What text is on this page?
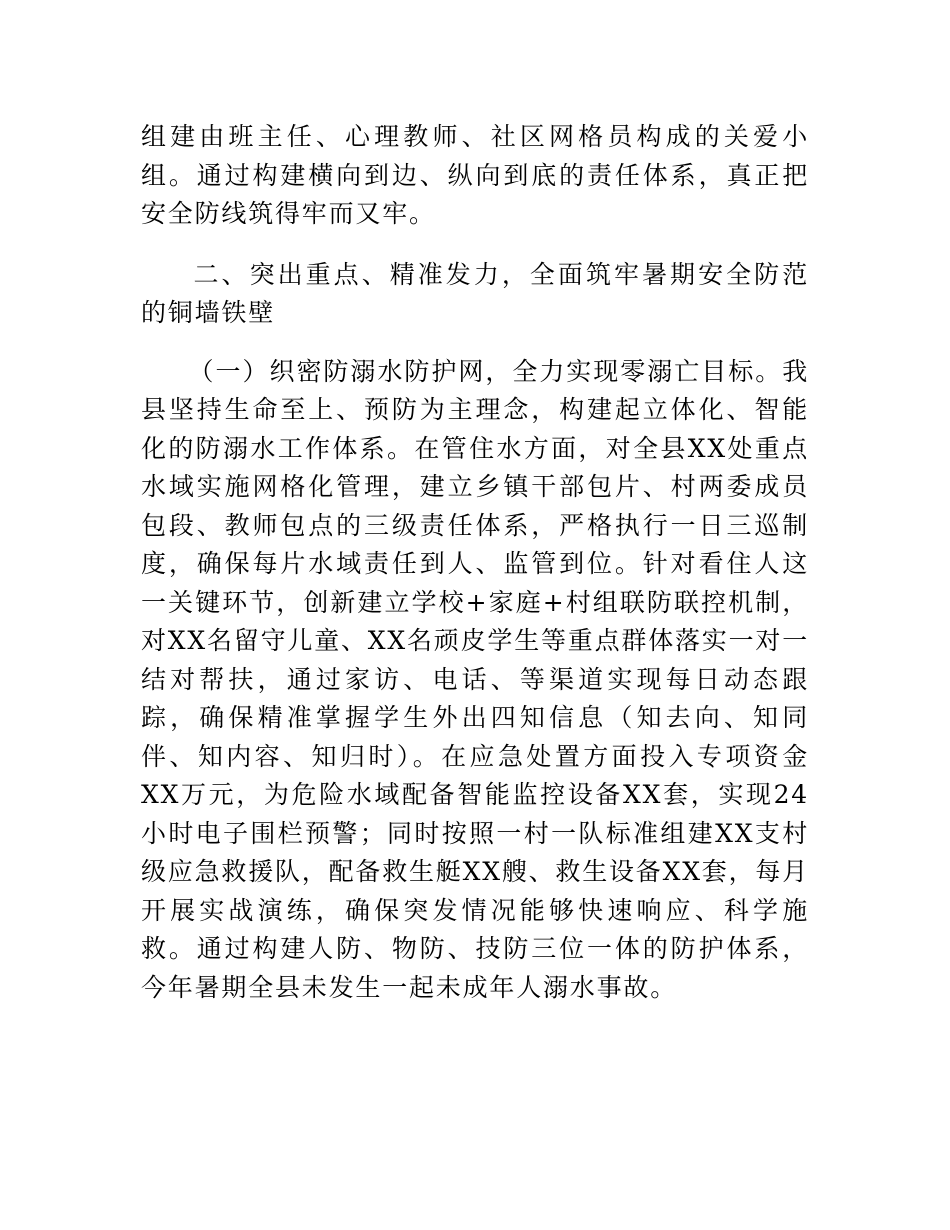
组建由班主任、心理教师、社区网格员构成的关爱小组。通过构建横向到边、纵向到底的责任体系，真正把安全防线筑得牢而又牢。

二、突出重点、精准发力，全面筑牢暑期安全防范的铜墙铁壁

（一）织密防溺水防护网，全力实现零溺亡目标。我县坚持生命至上、预防为主理念，构建起立体化、智能化的防溺水工作体系。在管住水方面，对全县XX处重点水域实施网格化管理，建立乡镇干部包片、村两委成员包段、教师包点的三级责任体系，严格执行一日三巡制度，确保每片水域责任到人、监管到位。针对看住人这一关键环节，创新建立学校+家庭+村组联防联控机制，对XX名留守儿童、XX名顽皮学生等重点群体落实一对一结对帮扶，通过家访、电话、等渠道实现每日动态跟踪，确保精准掌握学生外出四知信息（知去向、知同伴、知内容、知归时）。在应急处置方面投入专项资金XX万元，为危险水域配备智能监控设备XX套，实现24小时电子围栏预警；同时按照一村一队标准组建XX支村级应急救援队，配备救生艇XX艘、救生设备XX套，每月开展实战演练，确保突发情况能够快速响应、科学施救。通过构建人防、物防、技防三位一体的防护体系，今年暑期全县未发生一起未成年人溺水事故。
